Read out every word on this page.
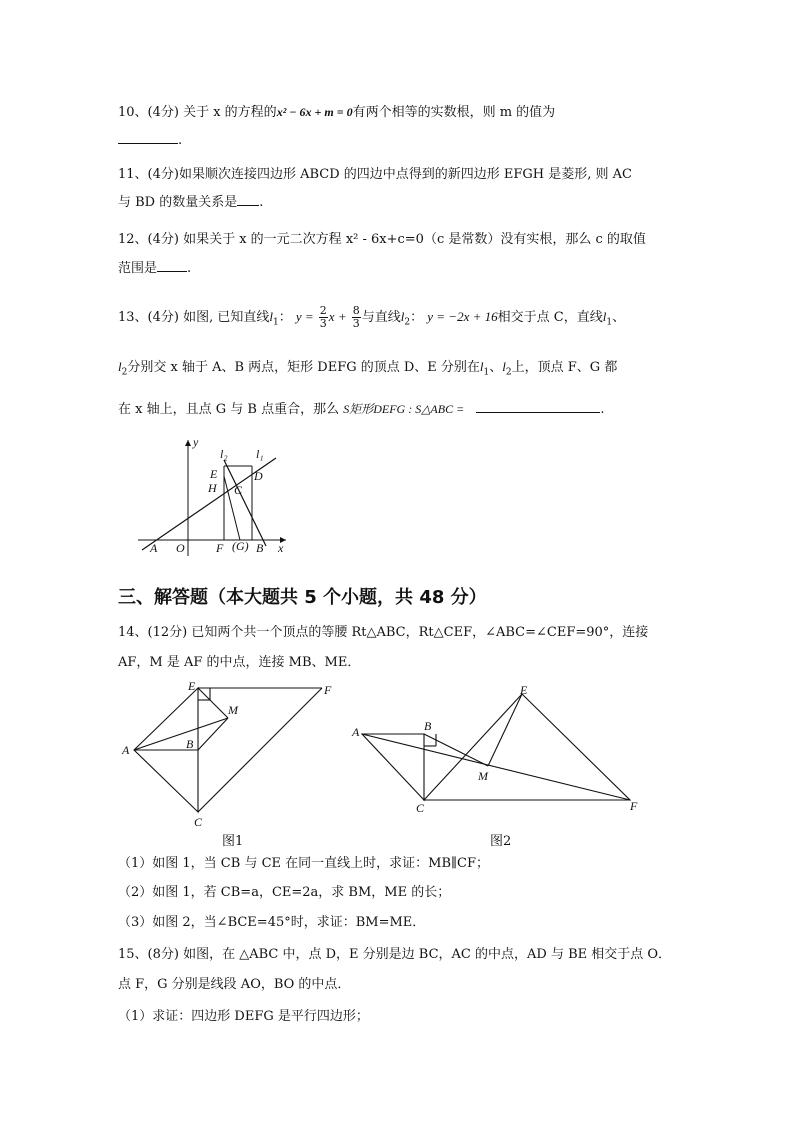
10、(4分) 关于 x 的方程的x² − 6x + m = 0有两个相等的实数根，则 m 的值为
.
11、(4分)如果顺次连接四边形 ABCD 的四边中点得到的新四边形 EFGH 是菱形, 则 AC
与 BD 的数量关系是 .
12、(4分) 如果关于 x 的一元二次方程 x² - 6x+c=0（c 是常数）没有实根，那么 c 的取值
范围是 .
13、(4分) 如图, 已知直线$l_1$： $y = \frac{2}{3}$ $x + \frac{8}{3}$ 与直线$l_2$： y = −2x + 16相交于点 C，直线$l_1$、
$l_2$分别交 x 轴于 A、B 两点，矩形 DEFG 的顶点 D、E 分别在$l_1$、$l_2$上，顶点 F、G 都
在 x 轴上，且点 G 与 B 点重合，那么 S矩形DEFG : S△ABC =	.
y
l₂ l₁
E	D
H C
A O	F (G) B x
三、解答题（本大题共 5 个小题，共 48 分）
14、(12分) 已知两个共一个顶点的等腰 Rt△ABC，Rt△CEF，∠ABC=∠CEF=90°，连接
AF，M 是 AF 的中点，连接 MB、ME．
E	F
M
A	B
C
图1
E
B
A
M
C	F
图2
（1）如图 1，当 CB 与 CE 在同一直线上时，求证：MB∥CF；
（2）如图 1，若 CB=a，CE=2a，求 BM，ME 的长；
（3）如图 2，当∠BCE=45°时，求证：BM=ME．
15、(8分) 如图，在 △ABC 中，点 D，E 分别是边 BC，AC 的中点，AD 与 BE 相交于点 O．
点 F，G 分别是线段 AO，BO 的中点．
（1）求证：四边形 DEFG 是平行四边形；
